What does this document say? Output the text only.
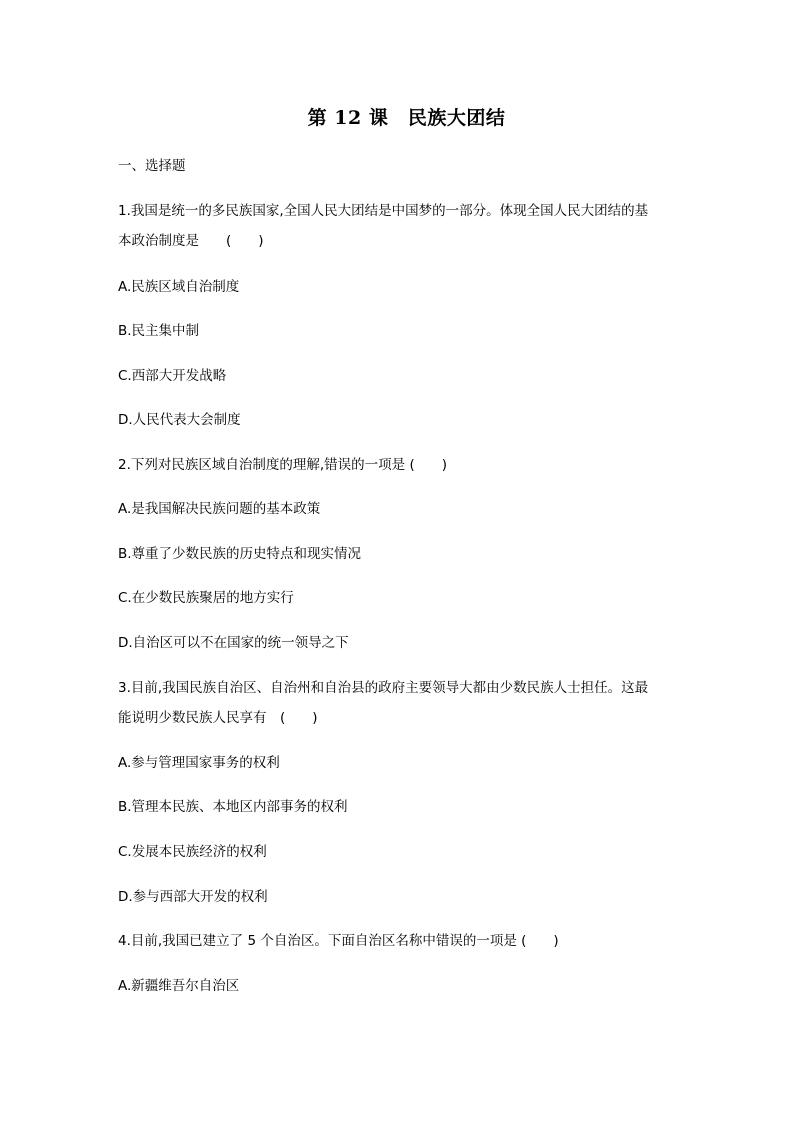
第 12 课　民族大团结
一、选择题
1.我国是统一的多民族国家,全国人民大团结是中国梦的一部分。体现全国人民大团结的基
本政治制度是　　(　　)
A.民族区域自治制度
B.民主集中制
C.西部大开发战略
D.人民代表大会制度
2.下列对民族区域自治制度的理解,错误的一项是 (　　)
A.是我国解决民族问题的基本政策
B.尊重了少数民族的历史特点和现实情况
C.在少数民族聚居的地方实行
D.自治区可以不在国家的统一领导之下
3.目前,我国民族自治区、自治州和自治县的政府主要领导大都由少数民族人士担任。这最
能说明少数民族人民享有　(　　)
A.参与管理国家事务的权利
B.管理本民族、本地区内部事务的权利
C.发展本民族经济的权利
D.参与西部大开发的权利
4.目前,我国已建立了 5 个自治区。下面自治区名称中错误的一项是 (　　)
A.新疆维吾尔自治区
